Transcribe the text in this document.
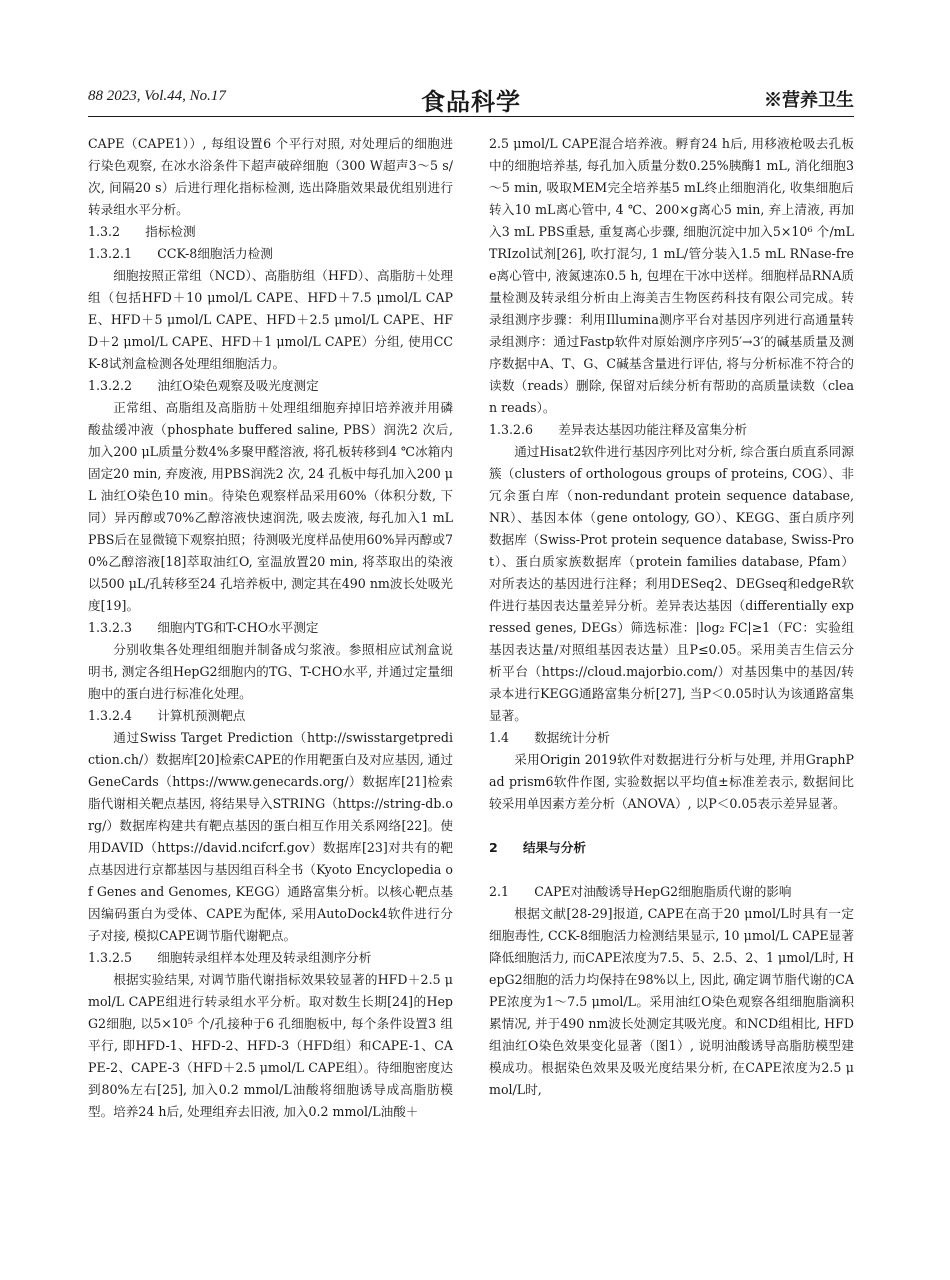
88 2023, Vol.44, No.17	食品科学	※营养卫生

CAPE（CAPE1））, 每组设置6 个平行对照, 对处理后的细胞进行染色观察, 在冰水浴条件下超声破碎细胞（300 W超声3～5 s/次, 间隔20 s）后进行理化指标检测, 选出降脂效果最优组别进行转录组水平分析。

1.3.2　　指标检测

1.3.2.1　　CCK-8细胞活力检测

细胞按照正常组（NCD）、高脂肪组（HFD）、高脂肪＋处理组（包括HFD＋10 μmol/L CAPE、HFD＋7.5 μmol/L CAPE、HFD＋5 μmol/L CAPE、HFD＋2.5 μmol/L CAPE、HFD＋2 μmol/L CAPE、HFD＋1 μmol/L CAPE）分组, 使用CCK-8试剂盒检测各处理组细胞活力。

1.3.2.2　　油红O染色观察及吸光度测定

正常组、高脂组及高脂肪＋处理组细胞弃掉旧培养液并用磷酸盐缓冲液（phosphate buffered saline, PBS）润洗2 次后, 加入200 μL质量分数4%多聚甲醛溶液, 将孔板转移到4 ℃冰箱内固定20 min, 弃废液, 用PBS润洗2 次, 24 孔板中每孔加入200 μL 油红O染色10 min。待染色观察样品采用60%（体积分数, 下同）异丙醇或70%乙醇溶液快速润洗, 吸去废液, 每孔加入1 mL PBS后在显微镜下观察拍照；待测吸光度样品使用60%异丙醇或70%乙醇溶液[18]萃取油红O, 室温放置20 min, 将萃取出的染液以500 μL/孔转移至24 孔培养板中, 测定其在490 nm波长处吸光度[19]。

1.3.2.3　　细胞内TG和T-CHO水平测定

分别收集各处理组细胞并制备成匀浆液。参照相应试剂盒说明书, 测定各组HepG2细胞内的TG、T-CHO水平, 并通过定量细胞中的蛋白进行标准化处理。

1.3.2.4　　计算机预测靶点

通过Swiss Target Prediction（http://swisstargetprediction.ch/）数据库[20]检索CAPE的作用靶蛋白及对应基因, 通过GeneCards（https://www.genecards.org/）数据库[21]检索脂代谢相关靶点基因, 将结果导入STRING（https://string-db.org/）数据库构建共有靶点基因的蛋白相互作用关系网络[22]。使用DAVID（https://david.ncifcrf.gov）数据库[23]对共有的靶点基因进行京都基因与基因组百科全书（Kyoto Encyclopedia of Genes and Genomes, KEGG）通路富集分析。以核心靶点基因编码蛋白为受体、CAPE为配体, 采用AutoDock4软件进行分子对接, 模拟CAPE调节脂代谢靶点。

1.3.2.5　　细胞转录组样本处理及转录组测序分析

根据实验结果, 对调节脂代谢指标效果较显著的HFD＋2.5 μmol/L CAPE组进行转录组水平分析。取对数生长期[24]的HepG2细胞, 以5×10⁵ 个/孔接种于6 孔细胞板中, 每个条件设置3 组平行, 即HFD-1、HFD-2、HFD-3（HFD组）和CAPE-1、CAPE-2、CAPE-3（HFD＋2.5 μmol/L CAPE组）。待细胞密度达到80%左右[25], 加入0.2 mmol/L油酸将细胞诱导成高脂肪模型。培养24 h后, 处理组弃去旧液, 加入0.2 mmol/L油酸＋

2.5 μmol/L CAPE混合培养液。孵育24 h后, 用移液枪吸去孔板中的细胞培养基, 每孔加入质量分数0.25%胰酶1 mL, 消化细胞3～5 min, 吸取MEM完全培养基5 mL终止细胞消化, 收集细胞后转入10 mL离心管中, 4 ℃、200×g离心5 min, 弃上清液, 再加入3 mL PBS重悬, 重复离心步骤, 细胞沉淀中加入5×10⁶ 个/mL TRIzol试剂[26], 吹打混匀, 1 mL/管分装入1.5 mL RNase-free离心管中, 液氮速冻0.5 h, 包埋在干冰中送样。细胞样品RNA质量检测及转录组分析由上海美吉生物医药科技有限公司完成。转录组测序步骤：利用Illumina测序平台对基因序列进行高通量转录组测序：通过Fastp软件对原始测序序列5′→3′的碱基质量及测序数据中A、T、G、C碱基含量进行评估, 将与分析标准不符合的读数（reads）删除, 保留对后续分析有帮助的高质量读数（clean reads）。

1.3.2.6　　差异表达基因功能注释及富集分析

通过Hisat2软件进行基因序列比对分析, 综合蛋白质直系同源簇（clusters of orthologous groups of proteins, COG）、非冗余蛋白库（non-redundant protein sequence database, NR）、基因本体（gene ontology, GO）、KEGG、蛋白质序列数据库（Swiss-Prot protein sequence database, Swiss-Prot）、蛋白质家族数据库（protein families database, Pfam）对所表达的基因进行注释；利用DESeq2、DEGseq和edgeR软件进行基因表达量差异分析。差异表达基因（differentially expressed genes, DEGs）筛选标准：|log₂ FC|≥1（FC：实验组基因表达量/对照组基因表达量）且P≤0.05。采用美吉生信云分析平台（https://cloud.majorbio.com/）对基因集中的基因/转录本进行KEGG通路富集分析[27], 当P＜0.05时认为该通路富集显著。

1.4　　数据统计分析

采用Origin 2019软件对数据进行分析与处理, 并用GraphPad prism6软件作图, 实验数据以平均值±标准差表示, 数据间比较采用单因素方差分析（ANOVA）, 以P＜0.05表示差异显著。

2　　结果与分析

2.1　　CAPE对油酸诱导HepG2细胞脂质代谢的影响

根据文献[28-29]报道, CAPE在高于20 μmol/L时具有一定细胞毒性, CCK-8细胞活力检测结果显示, 10 μmol/L CAPE显著降低细胞活力, 而CAPE浓度为7.5、5、2.5、2、1 μmol/L时, HepG2细胞的活力均保持在98%以上, 因此, 确定调节脂代谢的CAPE浓度为1～7.5 μmol/L。采用油红O染色观察各组细胞脂滴积累情况, 并于490 nm波长处测定其吸光度。和NCD组相比, HFD组油红O染色效果变化显著（图1）, 说明油酸诱导高脂肪模型建模成功。根据染色效果及吸光度结果分析, 在CAPE浓度为2.5 μmol/L时,
